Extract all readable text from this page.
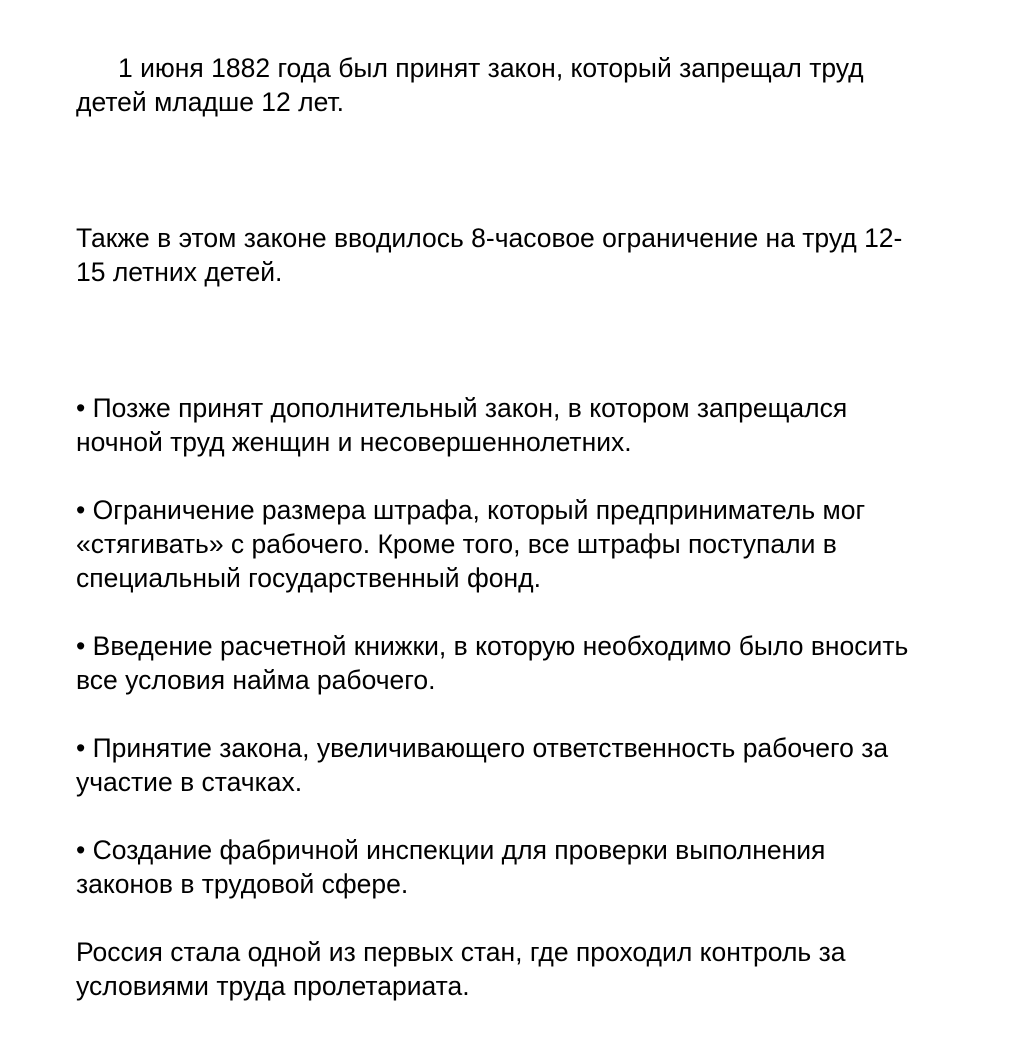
1 июня 1882 года был принят закон, который запрещал труд
детей младше 12 лет.

Также в этом законе вводилось 8-часовое ограничение на труд 12-
15 летних детей.

• Позже принят дополнительный закон, в котором запрещался
ночной труд женщин и несовершеннолетних.

• Ограничение размера штрафа, который предприниматель мог
«стягивать» с рабочего. Кроме того, все штрафы поступали в
специальный государственный фонд.

• Введение расчетной книжки, в которую необходимо было вносить
все условия найма рабочего.

• Принятие закона, увеличивающего ответственность рабочего за
участие в стачках.

• Создание фабричной инспекции для проверки выполнения
законов в трудовой сфере.

Россия стала одной из первых стан, где проходил контроль за
условиями труда пролетариата.
